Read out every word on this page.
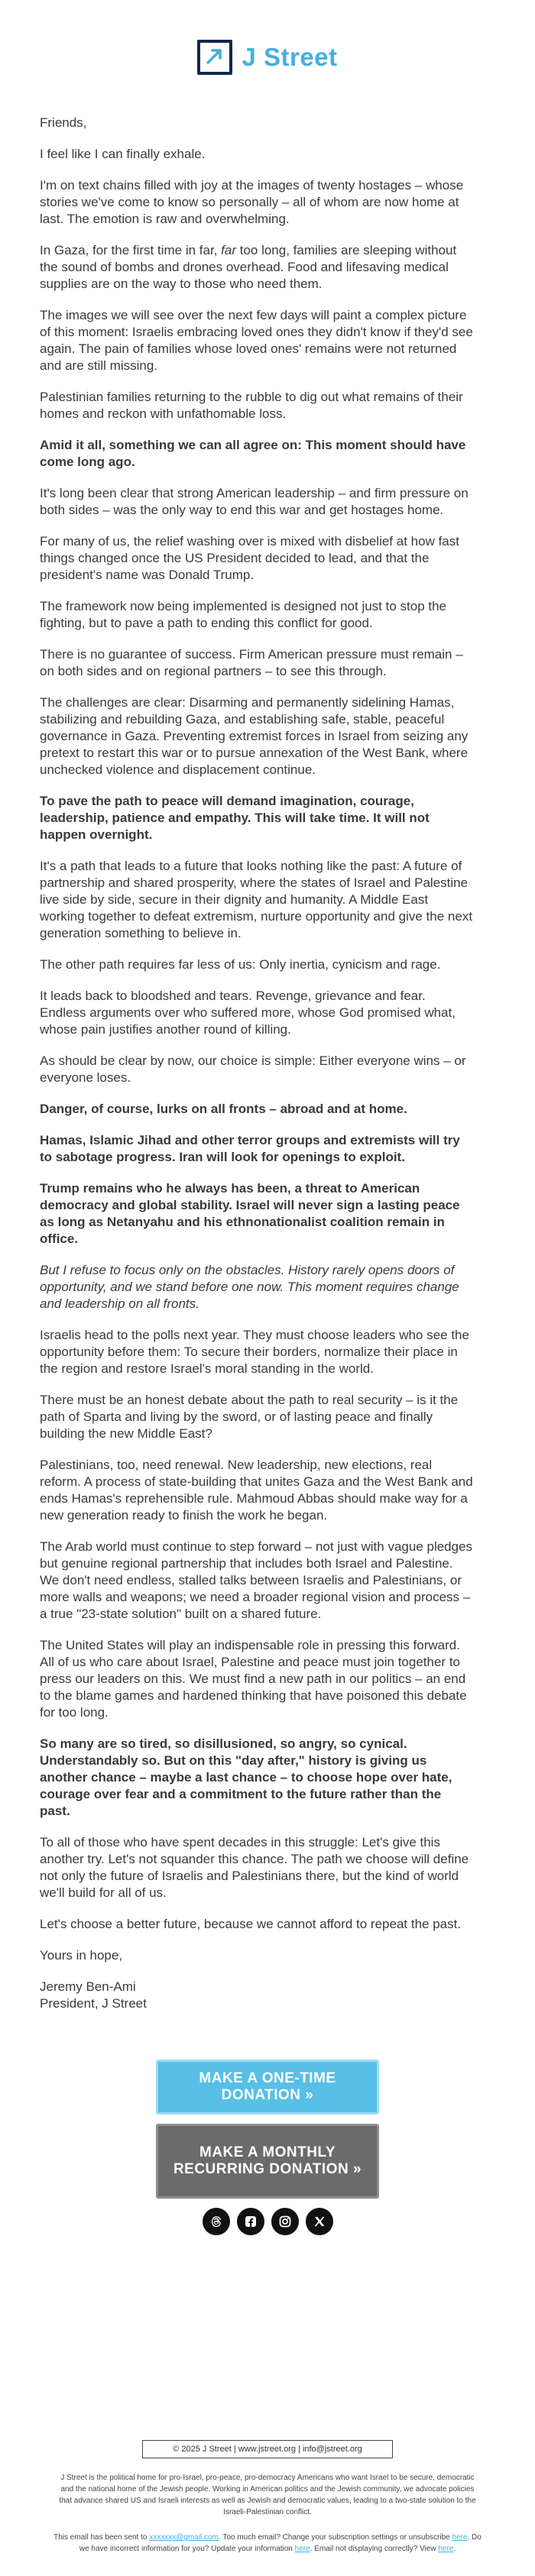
J Street

Friends,

I feel like I can finally exhale.

I'm on text chains filled with joy at the images of twenty hostages – whose stories we've come to know so personally – all of whom are now home at last. The emotion is raw and overwhelming.

In Gaza, for the first time in far, far too long, families are sleeping without the sound of bombs and drones overhead. Food and lifesaving medical supplies are on the way to those who need them.

The images we will see over the next few days will paint a complex picture of this moment: Israelis embracing loved ones they didn't know if they'd see again. The pain of families whose loved ones' remains were not returned and are still missing.

Palestinian families returning to the rubble to dig out what remains of their homes and reckon with unfathomable loss.

Amid it all, something we can all agree on: This moment should have come long ago.

It's long been clear that strong American leadership – and firm pressure on both sides – was the only way to end this war and get hostages home.

For many of us, the relief washing over is mixed with disbelief at how fast things changed once the US President decided to lead, and that the president's name was Donald Trump.

The framework now being implemented is designed not just to stop the fighting, but to pave a path to ending this conflict for good.

There is no guarantee of success. Firm American pressure must remain – on both sides and on regional partners – to see this through.

The challenges are clear: Disarming and permanently sidelining Hamas, stabilizing and rebuilding Gaza, and establishing safe, stable, peaceful governance in Gaza. Preventing extremist forces in Israel from seizing any pretext to restart this war or to pursue annexation of the West Bank, where unchecked violence and displacement continue.

To pave the path to peace will demand imagination, courage, leadership, patience and empathy. This will take time. It will not happen overnight.

It's a path that leads to a future that looks nothing like the past: A future of partnership and shared prosperity, where the states of Israel and Palestine live side by side, secure in their dignity and humanity. A Middle East working together to defeat extremism, nurture opportunity and give the next generation something to believe in.

The other path requires far less of us: Only inertia, cynicism and rage.

It leads back to bloodshed and tears. Revenge, grievance and fear. Endless arguments over who suffered more, whose God promised what, whose pain justifies another round of killing.

As should be clear by now, our choice is simple: Either everyone wins – or everyone loses.

Danger, of course, lurks on all fronts – abroad and at home.

Hamas, Islamic Jihad and other terror groups and extremists will try to sabotage progress. Iran will look for openings to exploit.

Trump remains who he always has been, a threat to American democracy and global stability. Israel will never sign a lasting peace as long as Netanyahu and his ethnonationalist coalition remain in office.

But I refuse to focus only on the obstacles. History rarely opens doors of opportunity, and we stand before one now. This moment requires change and leadership on all fronts.

Israelis head to the polls next year. They must choose leaders who see the opportunity before them: To secure their borders, normalize their place in the region and restore Israel's moral standing in the world.

There must be an honest debate about the path to real security – is it the path of Sparta and living by the sword, or of lasting peace and finally building the new Middle East?

Palestinians, too, need renewal. New leadership, new elections, real reform. A process of state-building that unites Gaza and the West Bank and ends Hamas's reprehensible rule. Mahmoud Abbas should make way for a new generation ready to finish the work he began.

The Arab world must continue to step forward – not just with vague pledges but genuine regional partnership that includes both Israel and Palestine. We don't need endless, stalled talks between Israelis and Palestinians, or more walls and weapons; we need a broader regional vision and process – a true "23-state solution" built on a shared future.

The United States will play an indispensable role in pressing this forward. All of us who care about Israel, Palestine and peace must join together to press our leaders on this. We must find a new path in our politics – an end to the blame games and hardened thinking that have poisoned this debate for too long.

So many are so tired, so disillusioned, so angry, so cynical. Understandably so. But on this "day after," history is giving us another chance – maybe a last chance – to choose hope over hate, courage over fear and a commitment to the future rather than the past.

To all of those who have spent decades in this struggle: Let's give this another try. Let's not squander this chance. The path we choose will define not only the future of Israelis and Palestinians there, but the kind of world we'll build for all of us.

Let's choose a better future, because we cannot afford to repeat the past.

Yours in hope,

Jeremy Ben-Ami
President, J Street

MAKE A ONE-TIME DONATION »
MAKE A MONTHLY RECURRING DONATION »
© 2025 J Street | www.jstreet.org | info@jstreet.org

J Street is the political home for pro-Israel, pro-peace, pro-democracy Americans who want Israel to be secure, democratic and the national home of the Jewish people. Working in American politics and the Jewish community, we advocate policies that advance shared US and Israeli interests as well as Jewish and democratic values, leading to a two-state solution to the Israeli-Palestinian conflict.

This email has been sent to xxxxxxx@gmail.com. Too much email? Change your subscription settings or unsubscribe here. Do we have incorrect information for you? Update your information here. Email not displaying correctly? View here.
